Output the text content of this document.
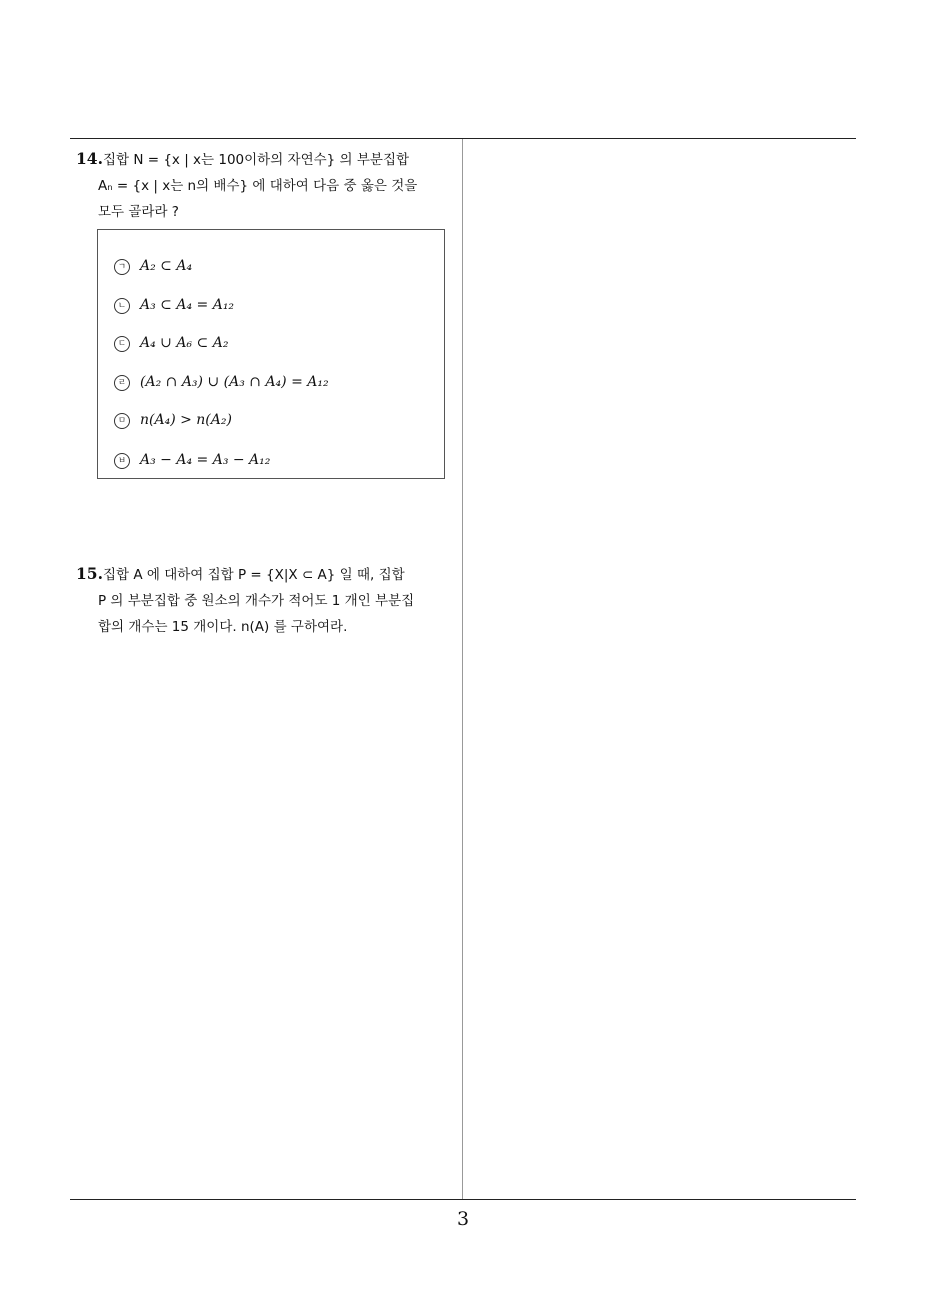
14.집합 N = {x | x는 100이하의 자연수} 의 부분집합
Aₙ = {x | x는 n의 배수} 에 대하여 다음 중 옳은 것을
모두 골라라 ?
ㄱ A₂ ⊂ A₄
ㄴ A₃ ⊂ A₄ = A₁₂
ㄷ A₄ ∪ A₆ ⊂ A₂
ㄹ (A₂ ∩ A₃) ∪ (A₃ ∩ A₄) = A₁₂
ㅁ n(A₄) > n(A₂)
ㅂ A₃ − A₄ = A₃ − A₁₂
15.집합 A 에 대하여 집합 P = {X|X ⊂ A} 일 때, 집합
P 의 부분집합 중 원소의 개수가 적어도 1 개인 부분집
합의 개수는 15 개이다. n(A) 를 구하여라.
3
